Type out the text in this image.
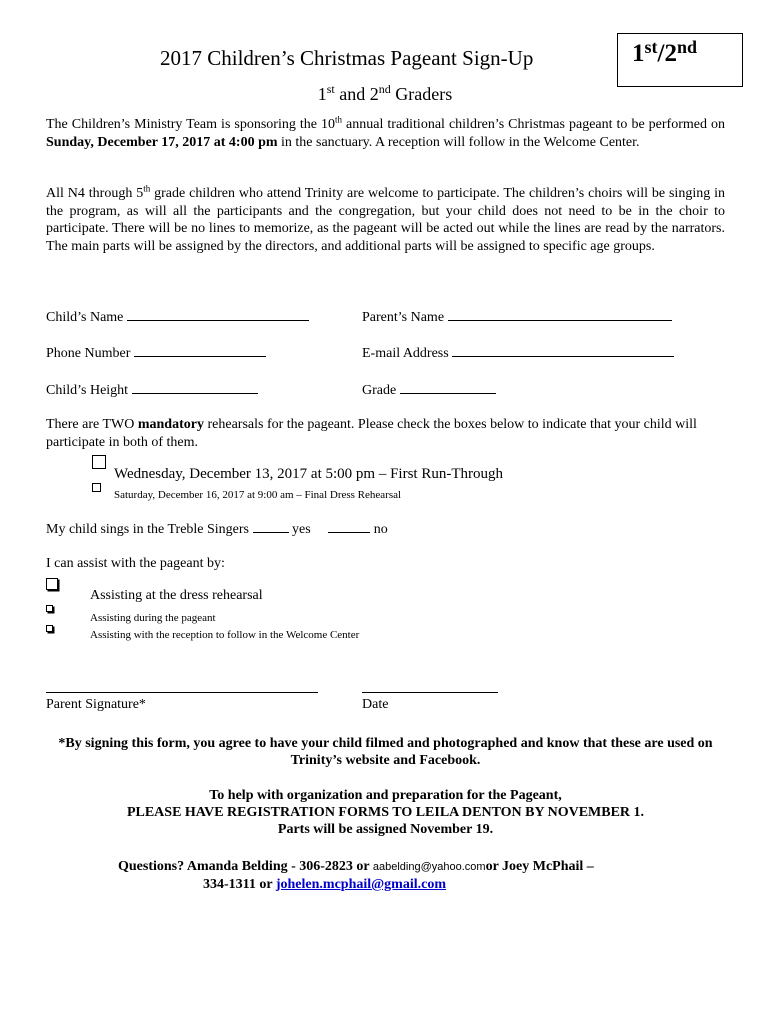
2017 Children’s Christmas Pageant Sign-Up	1st/2nd
1st and 2nd Graders
The Children’s Ministry Team is sponsoring the 10th annual traditional children’s Christmas pageant to be performed on Sunday, December 17, 2017 at 4:00 pm in the sanctuary. A reception will follow in the Welcome Center.
All N4 through 5th grade children who attend Trinity are welcome to participate. The children’s choirs will be singing in the program, as will all the participants and the congregation, but your child does not need to be in the choir to participate. There will be no lines to memorize, as the pageant will be acted out while the lines are read by the narrators. The main parts will be assigned by the directors, and additional parts will be assigned to specific age groups.
Child’s Name	Parent’s Name
Phone Number	E-mail Address
Child’s Height	Grade
There are TWO mandatory rehearsals for the pageant. Please check the boxes below to indicate that your child will participate in both of them.
Wednesday, December 13, 2017 at 5:00 pm – First Run-Through
Saturday, December 16, 2017 at 9:00 am – Final Dress Rehearsal
My child sings in the Treble Singers	yes	no
I can assist with the pageant by:
Assisting at the dress rehearsal
Assisting during the pageant
Assisting with the reception to follow in the Welcome Center
Parent Signature*	Date
*By signing this form, you agree to have your child filmed and photographed and know that these are used on Trinity’s website and Facebook.
To help with organization and preparation for the Pageant,
PLEASE HAVE REGISTRATION FORMS TO LEILA DENTON BY NOVEMBER 1.
Parts will be assigned November 19.
Questions? Amanda Belding - 306-2823 or aabelding@yahoo.comor Joey McPhail –
334-1311 or johelen.mcphail@gmail.com
